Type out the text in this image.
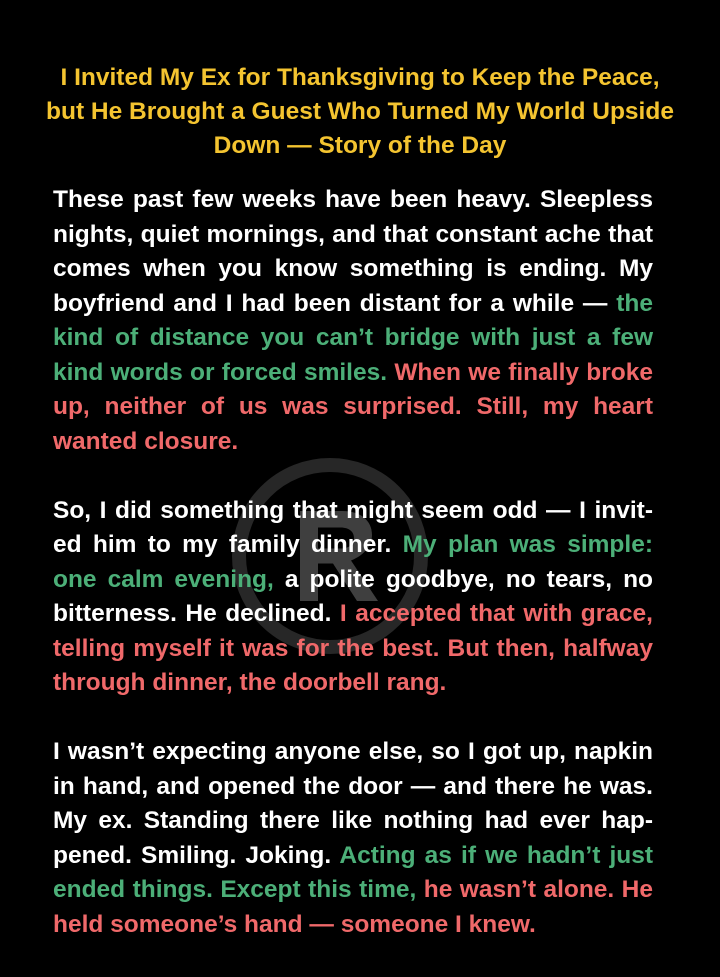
I Invited My Ex for Thanksgiving to Keep the Peace, but He Brought a Guest Who Turned My World Upside Down — Story of the Day

These past few weeks have been heavy. Sleepless nights, quiet mornings, and that constant ache that comes when you know something is ending. My boyfriend and I had been distant for a while — the kind of distance you can’t bridge with just a few kind words or forced smiles. When we finally broke up, neither of us was surprised. Still, my heart wanted closure.

So, I did something that might seem odd — I invited him to my family dinner. My plan was simple: one calm evening, a polite goodbye, no tears, no bitterness. He declined. I accepted that with grace, telling myself it was for the best. But then, halfway through dinner, the doorbell rang.

I wasn’t expecting anyone else, so I got up, napkin in hand, and opened the door — and there he was. My ex. Standing there like nothing had ever happened. Smiling. Joking. Acting as if we hadn’t just ended things. Except this time, he wasn’t alone. He held someone’s hand — someone I knew.
